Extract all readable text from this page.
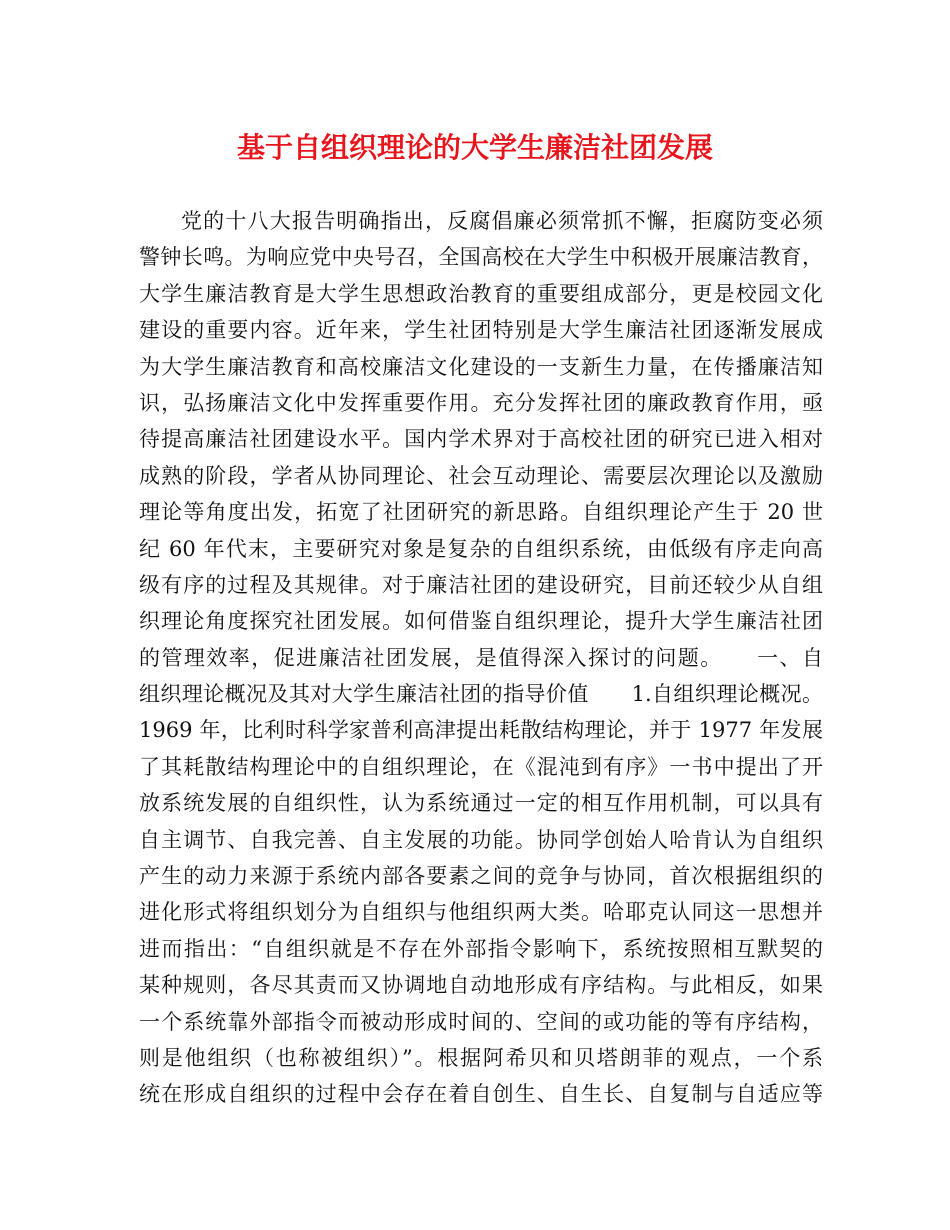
基于自组织理论的大学生廉洁社团发展
党的十八大报告明确指出，反腐倡廉必须常抓不懈，拒腐防变必须
警钟长鸣。为响应党中央号召，全国高校在大学生中积极开展廉洁教育，
大学生廉洁教育是大学生思想政治教育的重要组成部分，更是校园文化
建设的重要内容。近年来，学生社团特别是大学生廉洁社团逐渐发展成
为大学生廉洁教育和高校廉洁文化建设的一支新生力量，在传播廉洁知
识，弘扬廉洁文化中发挥重要作用。充分发挥社团的廉政教育作用，亟
待提高廉洁社团建设水平。国内学术界对于高校社团的研究已进入相对
成熟的阶段，学者从协同理论、社会互动理论、需要层次理论以及激励
理论等角度出发，拓宽了社团研究的新思路。自组织理论产生于 20 世
纪 60 年代末，主要研究对象是复杂的自组织系统，由低级有序走向高
级有序的过程及其规律。对于廉洁社团的建设研究，目前还较少从自组
织理论角度探究社团发展。如何借鉴自组织理论，提升大学生廉洁社团
的管理效率，促进廉洁社团发展，是值得深入探讨的问题。　　一、自
组织理论概况及其对大学生廉洁社团的指导价值　　1.自组织理论概况。
1969 年，比利时科学家普利高津提出耗散结构理论，并于 1977 年发展
了其耗散结构理论中的自组织理论，在《混沌到有序》一书中提出了开
放系统发展的自组织性，认为系统通过一定的相互作用机制，可以具有
自主调节、自我完善、自主发展的功能。协同学创始人哈肯认为自组织
产生的动力来源于系统内部各要素之间的竞争与协同，首次根据组织的
进化形式将组织划分为自组织与他组织两大类。哈耶克认同这一思想并
进而指出：“自组织就是不存在外部指令影响下，系统按照相互默契的
某种规则，各尽其责而又协调地自动地形成有序结构。与此相反，如果
一个系统靠外部指令而被动形成时间的、空间的或功能的等有序结构，
则是他组织（也称被组织）”。根据阿希贝和贝塔朗菲的观点，一个系
统在形成自组织的过程中会存在着自创生、自生长、自复制与自适应等
